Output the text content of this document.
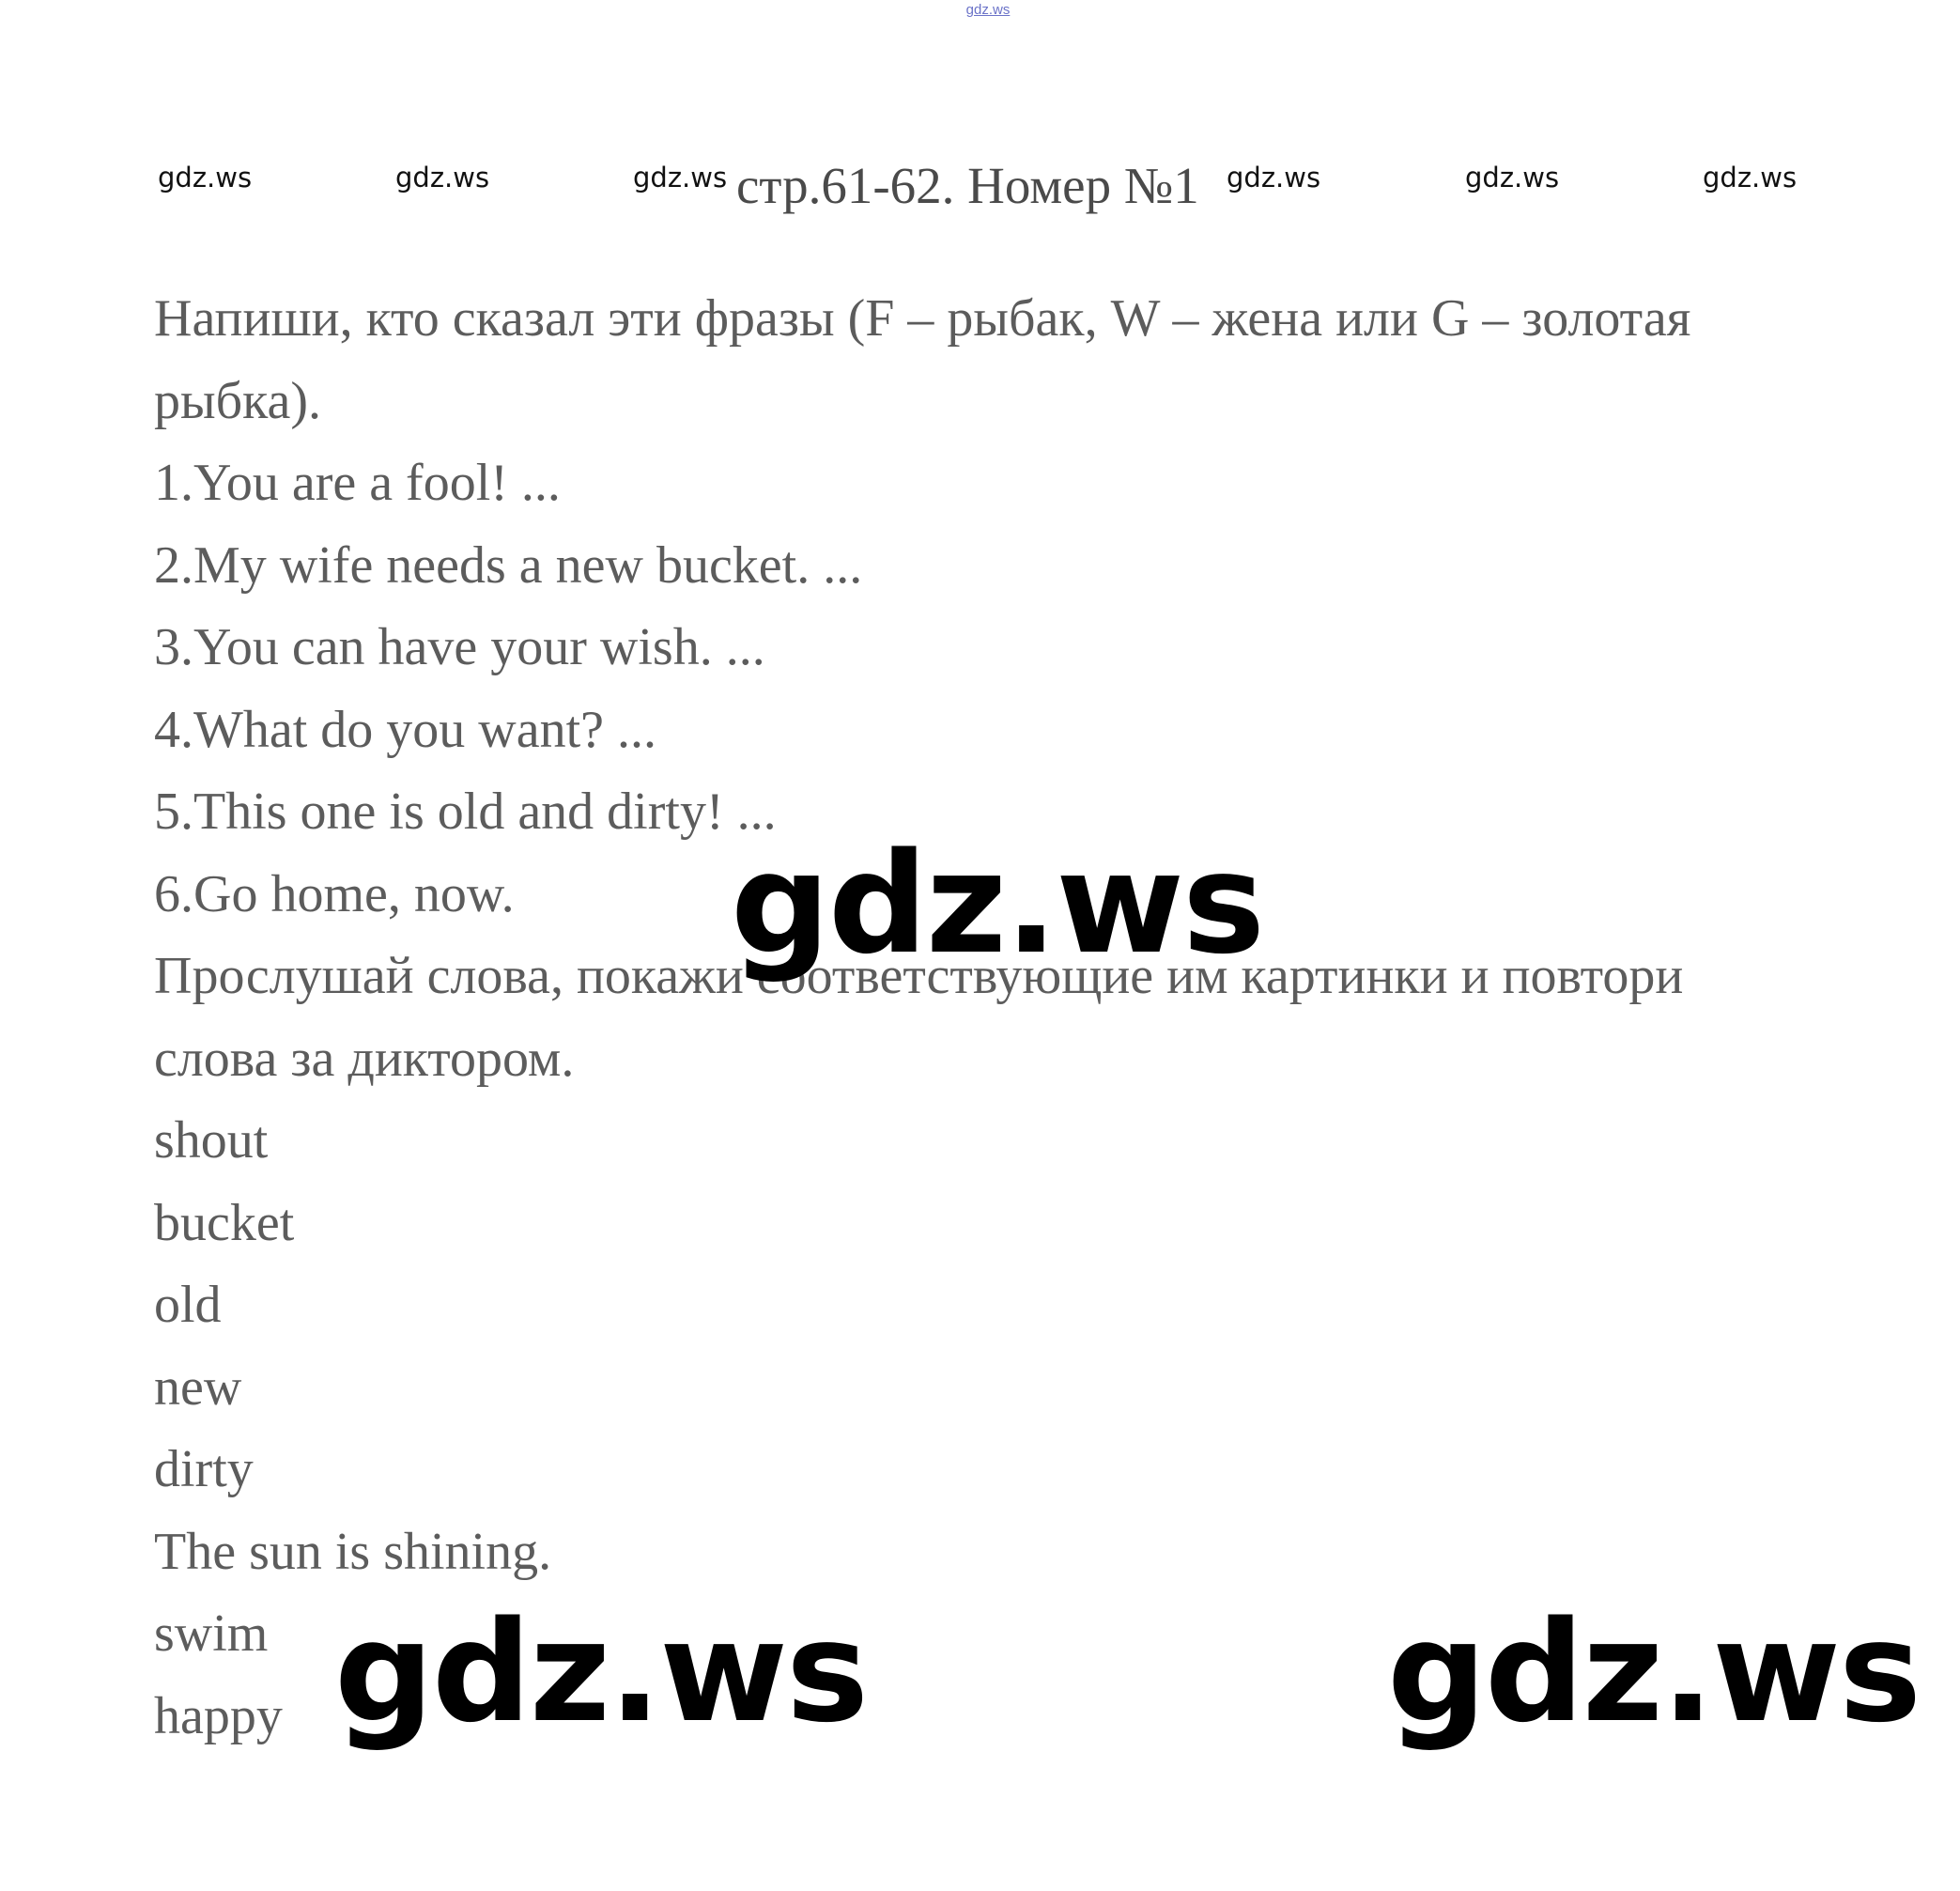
gdz.ws
gdz.ws	gdz.ws	gdz.ws	gdz.ws	gdz.ws	gdz.ws
стр.61-62. Номер №1
Напиши, кто сказал эти фразы (F – рыбак, W – жена или G – золотая
рыбка).
1.You are a fool! ...
2.My wife needs a new bucket. ...
3.You can have your wish. ...
4.What do you want? ...
5.This one is old and dirty! ...
6.Go home, now.
Прослушай слова, покажи соответствующие им картинки и повтори
слова за диктором.
shout
bucket
old
new
dirty
The sun is shining.
swim
happy
gdz.ws
gdz.ws	gdz.ws
